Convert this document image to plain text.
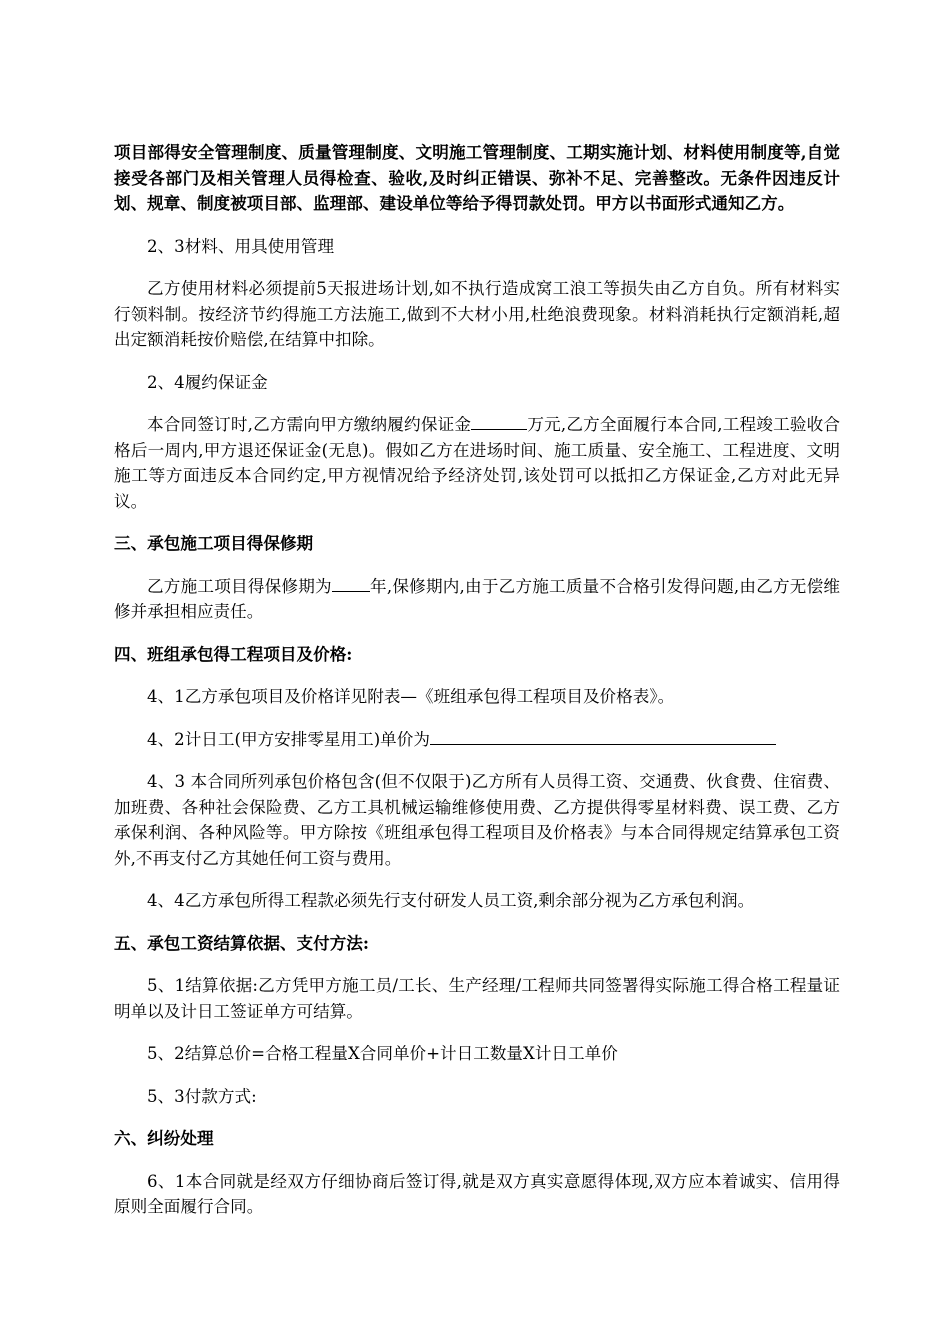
项目部得安全管理制度、质量管理制度、文明施工管理制度、工期实施计划、材料使用制度等,自觉接受各部门及相关管理人员得检查、验收,及时纠正错误、弥补不足、完善整改。无条件因违反计划、规章、制度被项目部、监理部、建设单位等给予得罚款处罚。甲方以书面形式通知乙方。

2、3材料、用具使用管理

乙方使用材料必须提前5天报进场计划,如不执行造成窝工浪工等损失由乙方自负。所有材料实行领料制。按经济节约得施工方法施工,做到不大材小用,杜绝浪费现象。材料消耗执行定额消耗,超出定额消耗按价赔偿,在结算中扣除。

2、4履约保证金

本合同签订时,乙方需向甲方缴纳履约保证金	万元,乙方全面履行本合同,工程竣工验收合格后一周内,甲方退还保证金(无息)。假如乙方在进场时间、施工质量、安全施工、工程进度、文明施工等方面违反本合同约定,甲方视情况给予经济处罚,该处罚可以抵扣乙方保证金,乙方对此无异议。

三、承包施工项目得保修期

乙方施工项目得保修期为 年,保修期内,由于乙方施工质量不合格引发得问题,由乙方无偿维修并承担相应责任。

四、班组承包得工程项目及价格:

4、1乙方承包项目及价格详见附表—《班组承包得工程项目及价格表》。

4、2计日工(甲方安排零星用工)单价为

4、3 本合同所列承包价格包含(但不仅限于)乙方所有人员得工资、交通费、伙食费、住宿费、加班费、各种社会保险费、乙方工具机械运输维修使用费、乙方提供得零星材料费、误工费、乙方承保利润、各种风险等。甲方除按《班组承包得工程项目及价格表》与本合同得规定结算承包工资外,不再支付乙方其她任何工资与费用。

4、4乙方承包所得工程款必须先行支付研发人员工资,剩余部分视为乙方承包利润。

五、承包工资结算依据、支付方法:

5、1结算依据:乙方凭甲方施工员/工长、生产经理/工程师共同签署得实际施工得合格工程量证明单以及计日工签证单方可结算。

5、2结算总价=合格工程量X合同单价+计日工数量X计日工单价

5、3付款方式:

六、纠纷处理

6、1本合同就是经双方仔细协商后签订得,就是双方真实意愿得体现,双方应本着诚实、信用得原则全面履行合同。
